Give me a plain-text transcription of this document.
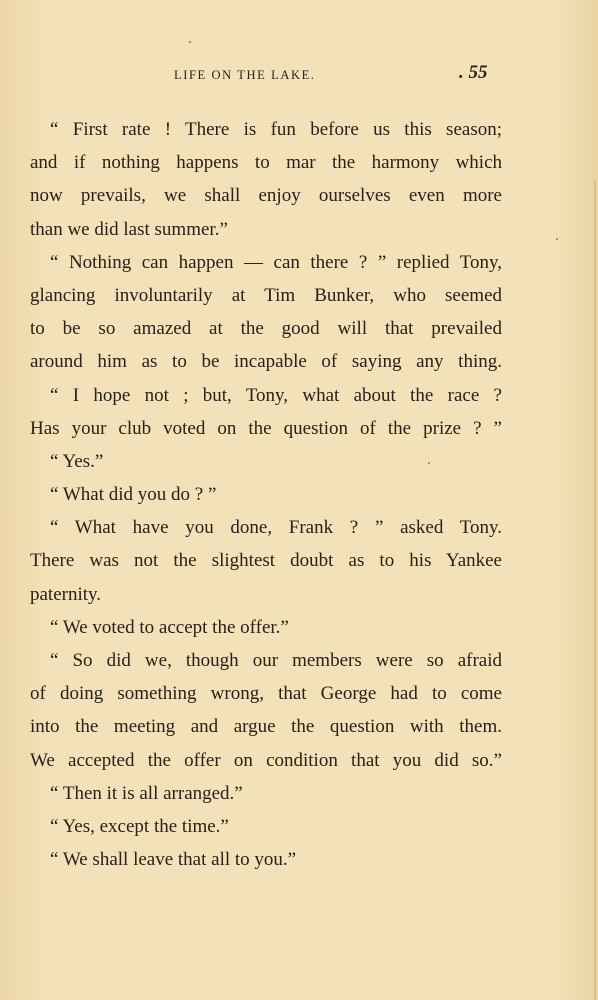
LIFE ON THE LAKE.	. 55
“ First rate ! There is fun before us this season;
and if nothing happens to mar the harmony which
now prevails, we shall enjoy ourselves even more
than we did last summer.”
“ Nothing can happen — can there ? ” replied Tony,
glancing involuntarily at Tim Bunker, who seemed
to be so amazed at the good will that prevailed
around him as to be incapable of saying any thing.
“ I hope not ; but, Tony, what about the race ?
Has your club voted on the question of the prize ? ”
“ Yes.”
“ What did you do ? ”
“ What have you done, Frank ? ” asked Tony.
There was not the slightest doubt as to his Yankee
paternity.
“ We voted to accept the offer.”
“ So did we, though our members were so afraid
of doing something wrong, that George had to come
into the meeting and argue the question with them.
We accepted the offer on condition that you did so.”
“ Then it is all arranged.”
“ Yes, except the time.”
“ We shall leave that all to you.”
